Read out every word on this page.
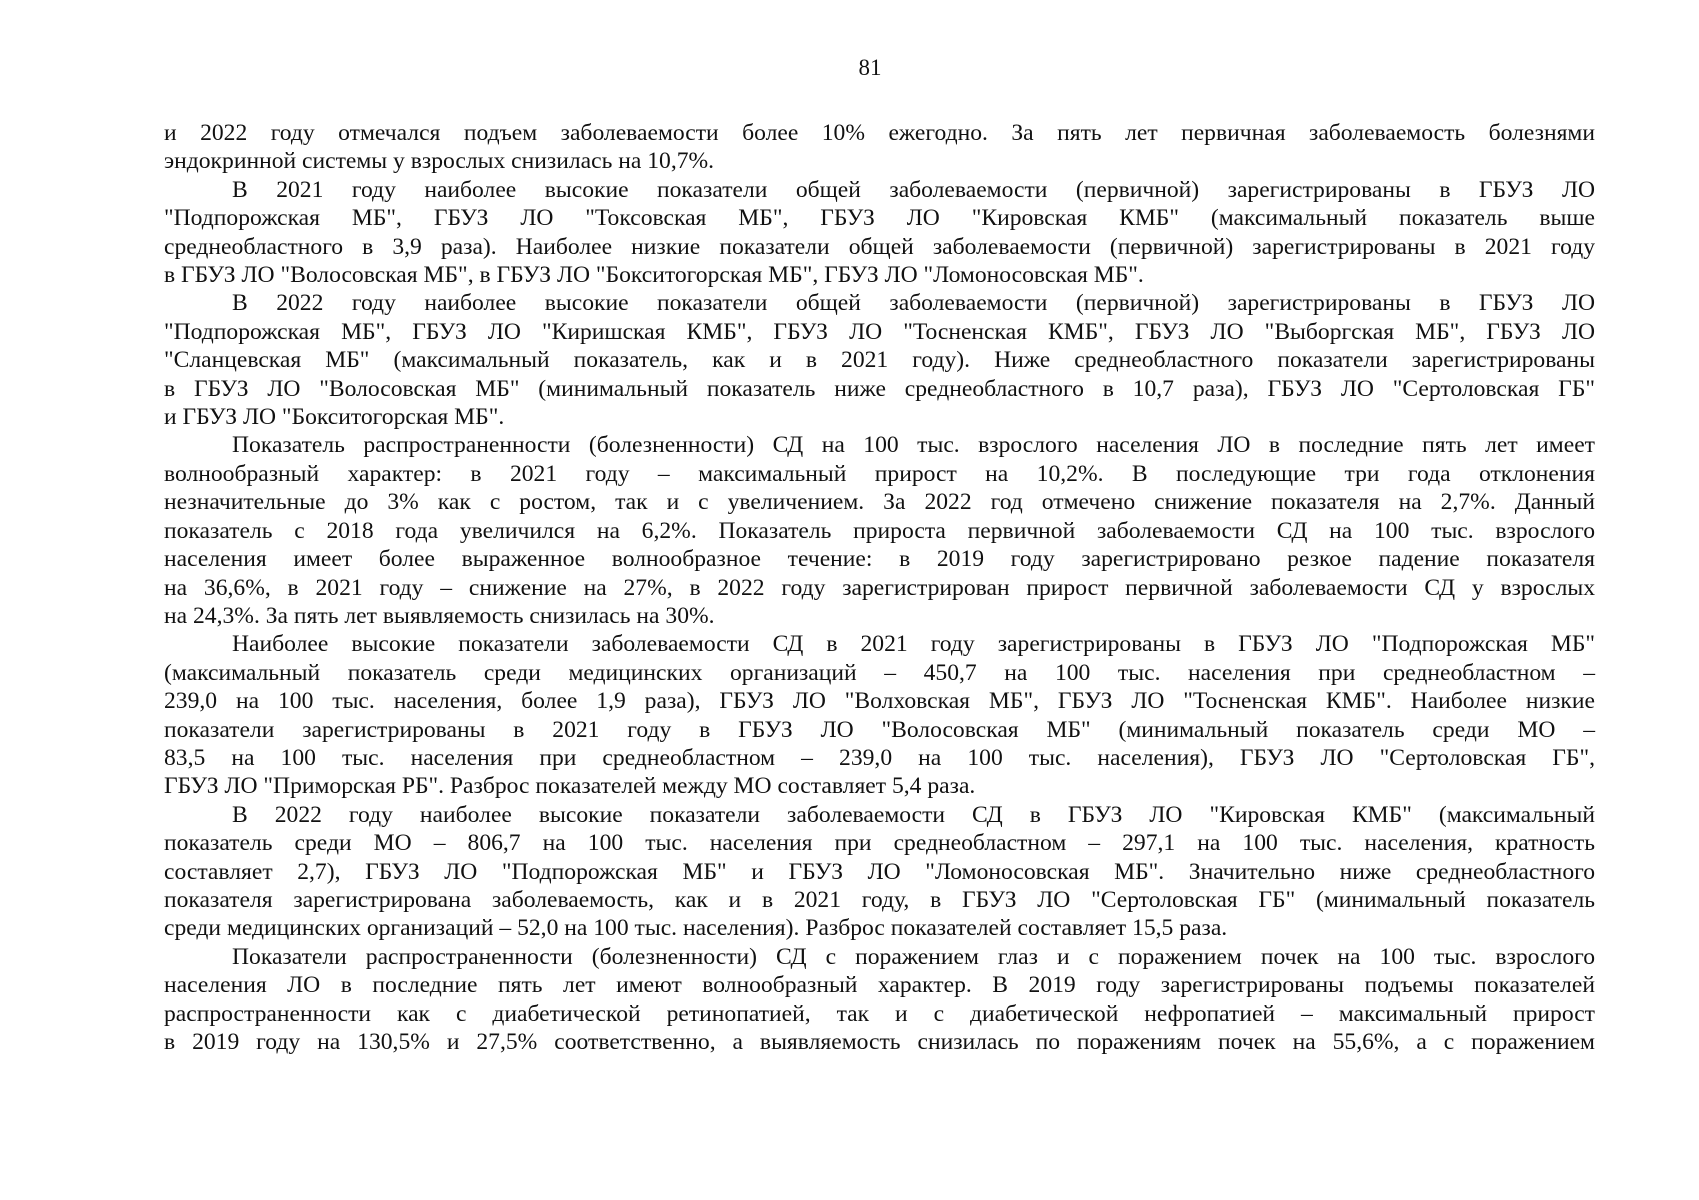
81

и 2022 году отмечался подъем заболеваемости более 10% ежегодно. За пять лет первичная заболеваемость болезнями
эндокринной системы у взрослых снизилась на 10,7%.

В 2021 году наиболее высокие показатели общей заболеваемости (первичной) зарегистрированы в ГБУЗ ЛО
"Подпорожская МБ", ГБУЗ ЛО "Токсовская МБ", ГБУЗ ЛО "Кировская КМБ" (максимальный показатель выше
среднеобластного в 3,9 раза). Наиболее низкие показатели общей заболеваемости (первичной) зарегистрированы в 2021 году
в ГБУЗ ЛО "Волосовская МБ", в ГБУЗ ЛО "Бокситогорская МБ", ГБУЗ ЛО "Ломоносовская МБ".

В 2022 году наиболее высокие показатели общей заболеваемости (первичной) зарегистрированы в ГБУЗ ЛО
"Подпорожская МБ", ГБУЗ ЛО "Киришская КМБ", ГБУЗ ЛО "Тосненская КМБ", ГБУЗ ЛО "Выборгская МБ", ГБУЗ ЛО
"Сланцевская МБ" (максимальный показатель, как и в 2021 году). Ниже среднеобластного показатели зарегистрированы
в ГБУЗ ЛО "Волосовская МБ" (минимальный показатель ниже среднеобластного в 10,7 раза), ГБУЗ ЛО "Сертоловская ГБ"
и ГБУЗ ЛО "Бокситогорская МБ".

Показатель распространенности (болезненности) СД на 100 тыс. взрослого населения ЛО в последние пять лет имеет
волнообразный характер: в 2021 году – максимальный прирост на 10,2%. В последующие три года отклонения
незначительные до 3% как с ростом, так и с увеличением. За 2022 год отмечено снижение показателя на 2,7%. Данный
показатель с 2018 года увеличился на 6,2%. Показатель прироста первичной заболеваемости СД на 100 тыс. взрослого
населения имеет более выраженное волнообразное течение: в 2019 году зарегистрировано резкое падение показателя
на 36,6%, в 2021 году – снижение на 27%, в 2022 году зарегистрирован прирост первичной заболеваемости СД у взрослых
на 24,3%. За пять лет выявляемость снизилась на 30%.

Наиболее высокие показатели заболеваемости СД в 2021 году зарегистрированы в ГБУЗ ЛО "Подпорожская МБ"
(максимальный показатель среди медицинских организаций – 450,7 на 100 тыс. населения при среднеобластном –
239,0 на 100 тыс. населения, более 1,9 раза), ГБУЗ ЛО "Волховская МБ", ГБУЗ ЛО "Тосненская КМБ". Наиболее низкие
показатели зарегистрированы в 2021 году в ГБУЗ ЛО "Волосовская МБ" (минимальный показатель среди МО –
83,5 на 100 тыс. населения при среднеобластном – 239,0 на 100 тыс. населения), ГБУЗ ЛО "Сертоловская ГБ",
ГБУЗ ЛО "Приморская РБ". Разброс показателей между МО составляет 5,4 раза.

В 2022 году наиболее высокие показатели заболеваемости СД в ГБУЗ ЛО "Кировская КМБ" (максимальный
показатель среди МО – 806,7 на 100 тыс. населения при среднеобластном – 297,1 на 100 тыс. населения, кратность
составляет 2,7), ГБУЗ ЛО "Подпорожская МБ" и ГБУЗ ЛО "Ломоносовская МБ". Значительно ниже среднеобластного
показателя зарегистрирована заболеваемость, как и в 2021 году, в ГБУЗ ЛО "Сертоловская ГБ" (минимальный показатель
среди медицинских организаций – 52,0 на 100 тыс. населения). Разброс показателей составляет 15,5 раза.

Показатели распространенности (болезненности) СД с поражением глаз и с поражением почек на 100 тыс. взрослого
населения ЛО в последние пять лет имеют волнообразный характер. В 2019 году зарегистрированы подъемы показателей
распространенности как с диабетической ретинопатией, так и с диабетической нефропатией – максимальный прирост
в 2019 году на 130,5% и 27,5% соответственно, а выявляемость снизилась по поражениям почек на 55,6%, а с поражением
